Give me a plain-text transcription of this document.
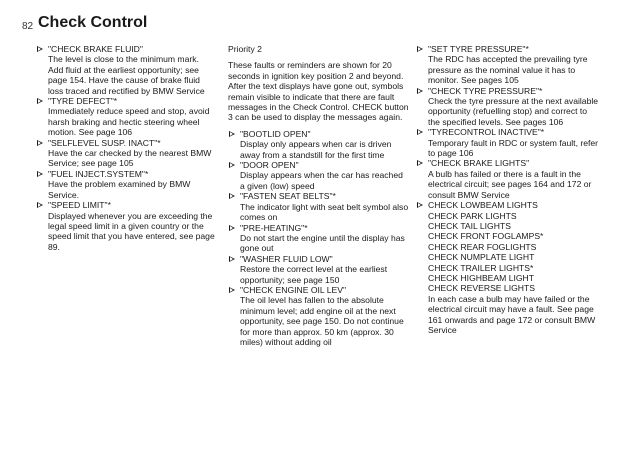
82 Check Control
"CHECK BRAKE FLUID"
The level is close to the minimum mark. Add fluid at the earliest opportunity; see page 154. Have the cause of brake fluid loss traced and rectified by BMW Service
"TYRE DEFECT"*
Immediately reduce speed and stop, avoid harsh braking and hectic steering wheel motion. See page 106
"SELFLEVEL SUSP. INACT"*
Have the car checked by the nearest BMW Service; see page 105
"FUEL INJECT.SYSTEM"*
Have the problem examined by BMW Service.
"SPEED LIMIT"*
Displayed whenever you are exceeding the legal speed limit in a given country or the speed limit that you have entered, see page 89.
Priority 2
These faults or reminders are shown for 20 seconds in ignition key position 2 and beyond. After the text displays have gone out, symbols remain visible to indicate that there are fault messages in the Check Control. CHECK button 3 can be used to display the messages again.
"BOOTLID OPEN"
Display only appears when car is driven away from a standstill for the first time
"DOOR OPEN"
Display appears when the car has reached a given (low) speed
"FASTEN SEAT BELTS"*
The indicator light with seat belt symbol also comes on
"PRE-HEATING"*
Do not start the engine until the display has gone out
"WASHER FLUID LOW"
Restore the correct level at the earliest opportunity; see page 150
"CHECK ENGINE OIL LEV"
The oil level has fallen to the absolute minimum level; add engine oil at the next opportunity, see page 150. Do not continue for more than approx. 50 km (approx. 30 miles) without adding oil
"SET TYRE PRESSURE"*
The RDC has accepted the prevailing tyre pressure as the nominal value it has to monitor. See pages 105
"CHECK TYRE PRESSURE"*
Check the tyre pressure at the next available opportunity (refuelling stop) and correct to the specified levels. See pages 106
"TYRECONTROL INACTIVE"*
Temporary fault in RDC or system fault, refer to page 106
"CHECK BRAKE LIGHTS"
A bulb has failed or there is a fault in the electrical circuit; see pages 164 and 172 or consult BMW Service
CHECK LOWBEAM LIGHTS
CHECK PARK LIGHTS
CHECK TAIL LIGHTS
CHECK FRONT FOGLAMPS*
CHECK REAR FOGLIGHTS
CHECK NUMPLATE LIGHT
CHECK TRAILER LIGHTS*
CHECK HIGHBEAM LIGHT
CHECK REVERSE LIGHTS
In each case a bulb may have failed or the electrical circuit may have a fault. See page 161 onwards and page 172 or consult BMW Service
